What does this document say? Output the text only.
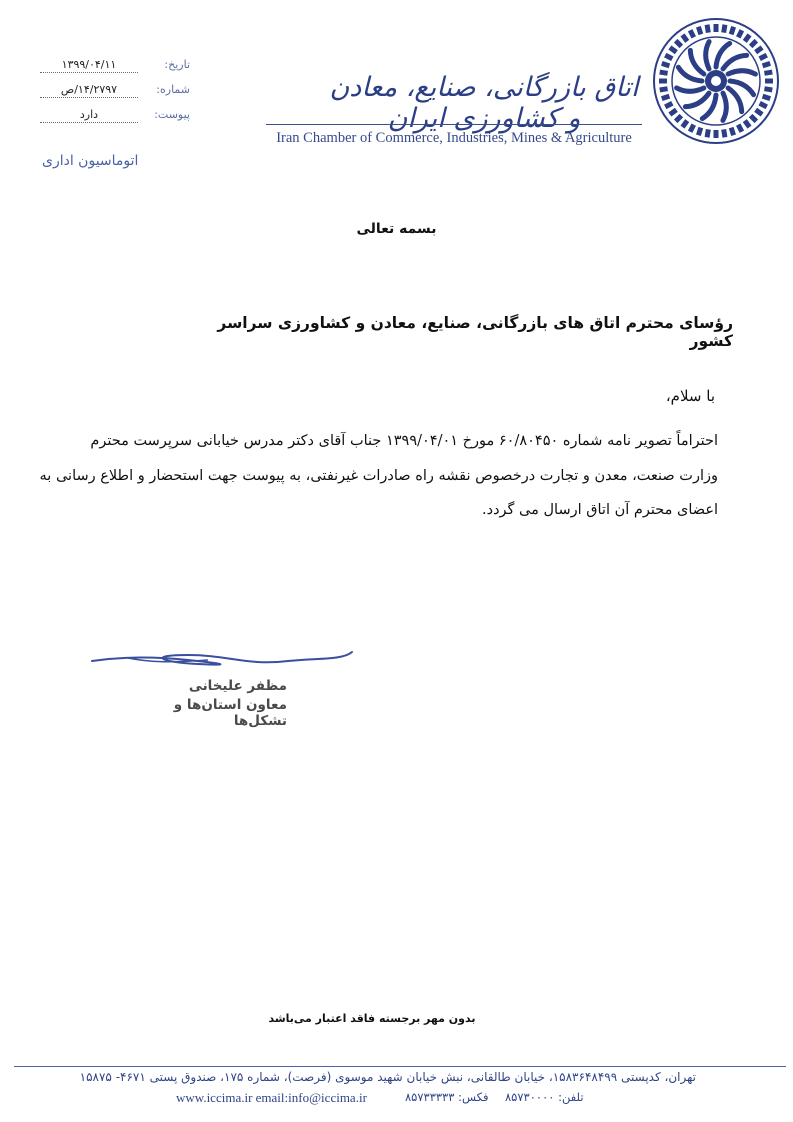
تاریخ:
۱۳۹۹/۰۴/۱۱
شماره:
۱۴/۲۷۹۷/ص
پیوست:
دارد
اتوماسیون اداری
اتاق بازرگانی، صنایع، معادن و کشاورزی ایران
Iran Chamber of Commerce, Industries, Mines & Agriculture
بسمه تعالی
رؤسای محترم اتاق های بازرگانی، صنایع، معادن و کشاورزی سراسر کشور
با سلام،
احتراماً تصویر نامه شماره ۶۰/۸۰۴۵۰ مورخ ۱۳۹۹/۰۴/۰۱ جناب آقای دکتر مدرس خیابانی سرپرست محترم
وزارت صنعت، معدن و تجارت درخصوص نقشه راه صادرات غیرنفتی، به پیوست جهت استحضار و اطلاع رسانی به
اعضای محترم آن اتاق ارسال می گردد.
مظفر علیخانی
معاون استان‌ها و تشکل‌ها
بدون مهر برجسته فاقد اعتبار می‌باشد
تهران، کدپستی ۱۵۸۳۶۴۸۴۹۹، خیابان طالقانی، نبش خیابان شهید موسوی (فرصت)، شماره ۱۷۵، صندوق پستی ۴۶۷۱- ۱۵۸۷۵
تلفن: ۸۵۷۳۰۰۰۰
فکس: ۸۵۷۳۳۳۳۳
www.iccima.ir email:info@iccima.ir
